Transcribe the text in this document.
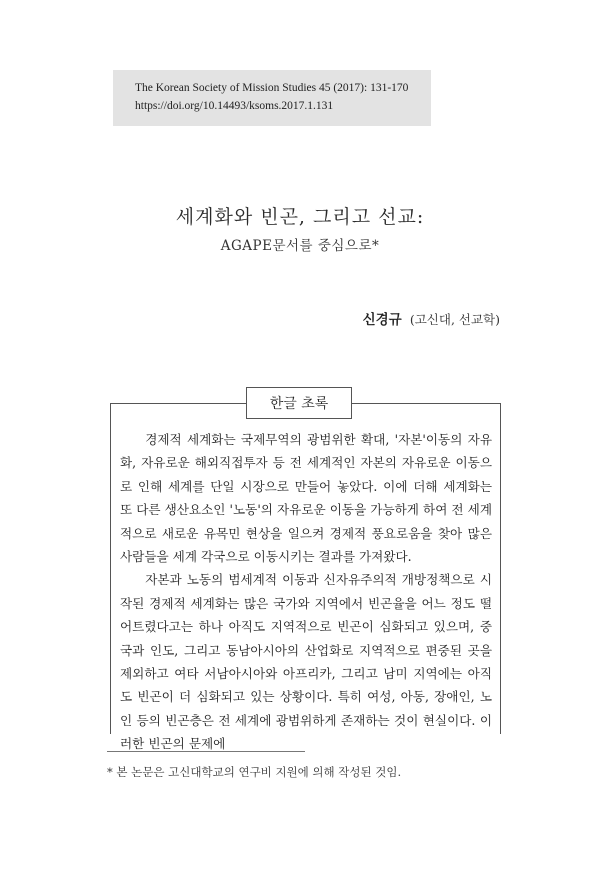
The Korean Society of Mission Studies 45 (2017): 131-170
https://doi.org/10.14493/ksoms.2017.1.131
세계화와 빈곤, 그리고 선교:
AGAPE문서를 중심으로*
신경규 (고신대, 선교학)
한글 초록

경제적 세계화는 국제무역의 광범위한 확대, '자본'이동의 자유화, 자유로운 해외직접투자 등 전 세계적인 자본의 자유로운 이동으로 인해 세계를 단일 시장으로 만들어 놓았다. 이에 더해 세계화는 또 다른 생산요소인 '노동'의 자유로운 이동을 가능하게 하여 전 세계적으로 새로운 유목민 현상을 일으켜 경제적 풍요로움을 찾아 많은 사람들을 세계 각국으로 이동시키는 결과를 가져왔다.

자본과 노동의 범세계적 이동과 신자유주의적 개방정책으로 시작된 경제적 세계화는 많은 국가와 지역에서 빈곤율을 어느 정도 떨어트렸다고는 하나 아직도 지역적으로 빈곤이 심화되고 있으며, 중국과 인도, 그리고 동남아시아의 산업화로 지역적으로 편중된 곳을 제외하고 여타 서남아시아와 아프리카, 그리고 남미 지역에는 아직도 빈곤이 더 심화되고 있는 상황이다. 특히 여성, 아동, 장애인, 노인 등의 빈곤층은 전 세계에 광범위하게 존재하는 것이 현실이다. 이러한 빈곤의 문제에

* 본 논문은 고신대학교의 연구비 지원에 의해 작성된 것임.
